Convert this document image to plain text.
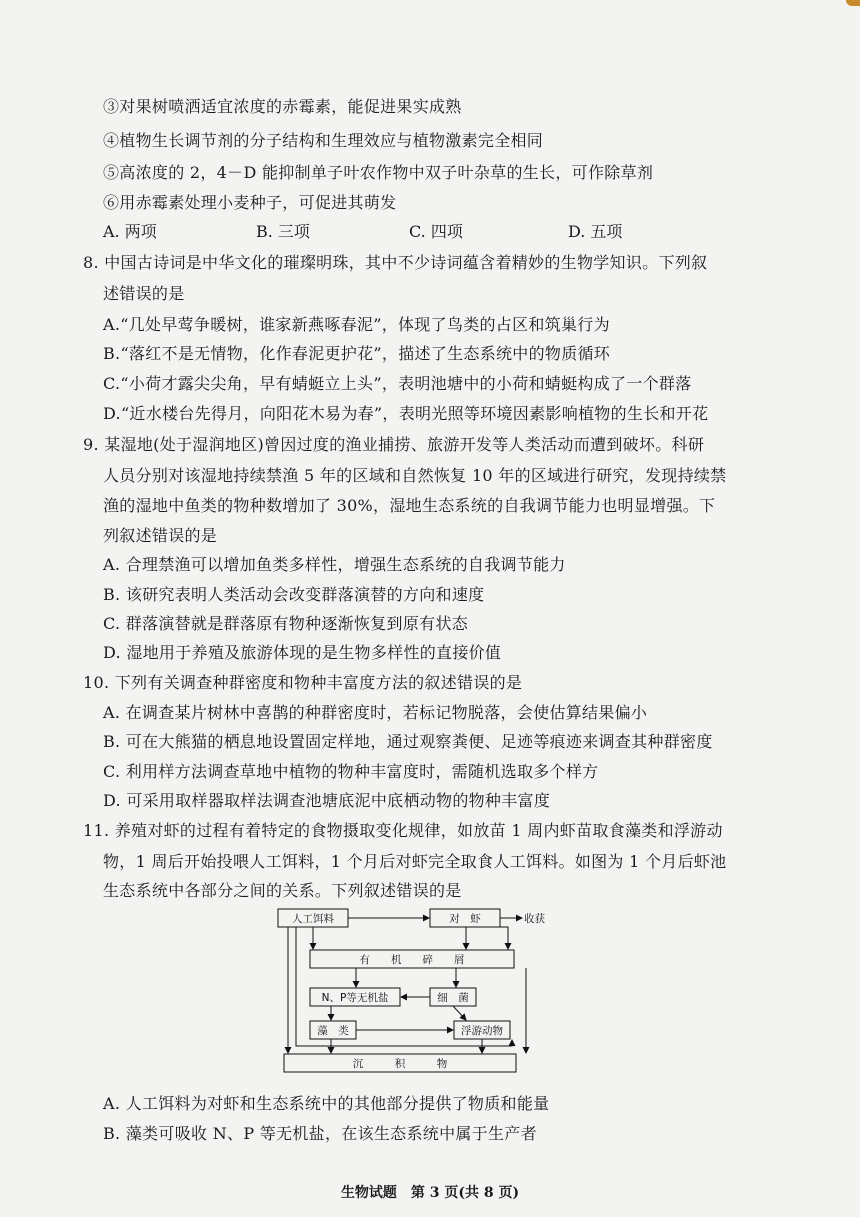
③对果树喷洒适宜浓度的赤霉素，能促进果实成熟
④植物生长调节剂的分子结构和生理效应与植物激素完全相同
⑤高浓度的 2，4－D 能抑制单子叶农作物中双子叶杂草的生长，可作除草剂
⑥用赤霉素处理小麦种子，可促进其萌发
A. 两项	B. 三项	C. 四项	D. 五项
8. 中国古诗词是中华文化的璀璨明珠，其中不少诗词蕴含着精妙的生物学知识。下列叙
述错误的是
A.“几处早莺争暖树，谁家新燕啄春泥”，体现了鸟类的占区和筑巢行为
B.“落红不是无情物，化作春泥更护花”，描述了生态系统中的物质循环
C.“小荷才露尖尖角，早有蜻蜓立上头”，表明池塘中的小荷和蜻蜓构成了一个群落
D.“近水楼台先得月，向阳花木易为春”，表明光照等环境因素影响植物的生长和开花
9. 某湿地(处于湿润地区)曾因过度的渔业捕捞、旅游开发等人类活动而遭到破坏。科研
人员分别对该湿地持续禁渔 5 年的区域和自然恢复 10 年的区域进行研究，发现持续禁
渔的湿地中鱼类的物种数增加了 30%，湿地生态系统的自我调节能力也明显增强。下
列叙述错误的是
A. 合理禁渔可以增加鱼类多样性，增强生态系统的自我调节能力
B. 该研究表明人类活动会改变群落演替的方向和速度
C. 群落演替就是群落原有物种逐渐恢复到原有状态
D. 湿地用于养殖及旅游体现的是生物多样性的直接价值
10. 下列有关调查种群密度和物种丰富度方法的叙述错误的是
A. 在调查某片树林中喜鹊的种群密度时，若标记物脱落，会使估算结果偏小
B. 可在大熊猫的栖息地设置固定样地，通过观察粪便、足迹等痕迹来调查其种群密度
C. 利用样方法调查草地中植物的物种丰富度时，需随机选取多个样方
D. 可采用取样器取样法调查池塘底泥中底栖动物的物种丰富度
11. 养殖对虾的过程有着特定的食物摄取变化规律，如放苗 1 周内虾苗取食藻类和浮游动
物，1 周后开始投喂人工饵料，1 个月后对虾完全取食人工饵料。如图为 1 个月后虾池
生态系统中各部分之间的关系。下列叙述错误的是
人工饵料	对　虾	收获
有　　机　　碎　　屑
N、P等无机盐	细　菌
藻　类	浮游动物
沉　　　积　　　物
A. 人工饵料为对虾和生态系统中的其他部分提供了物质和能量
B. 藻类可吸收 N、P 等无机盐，在该生态系统中属于生产者
生物试题　第 3 页(共 8 页)
